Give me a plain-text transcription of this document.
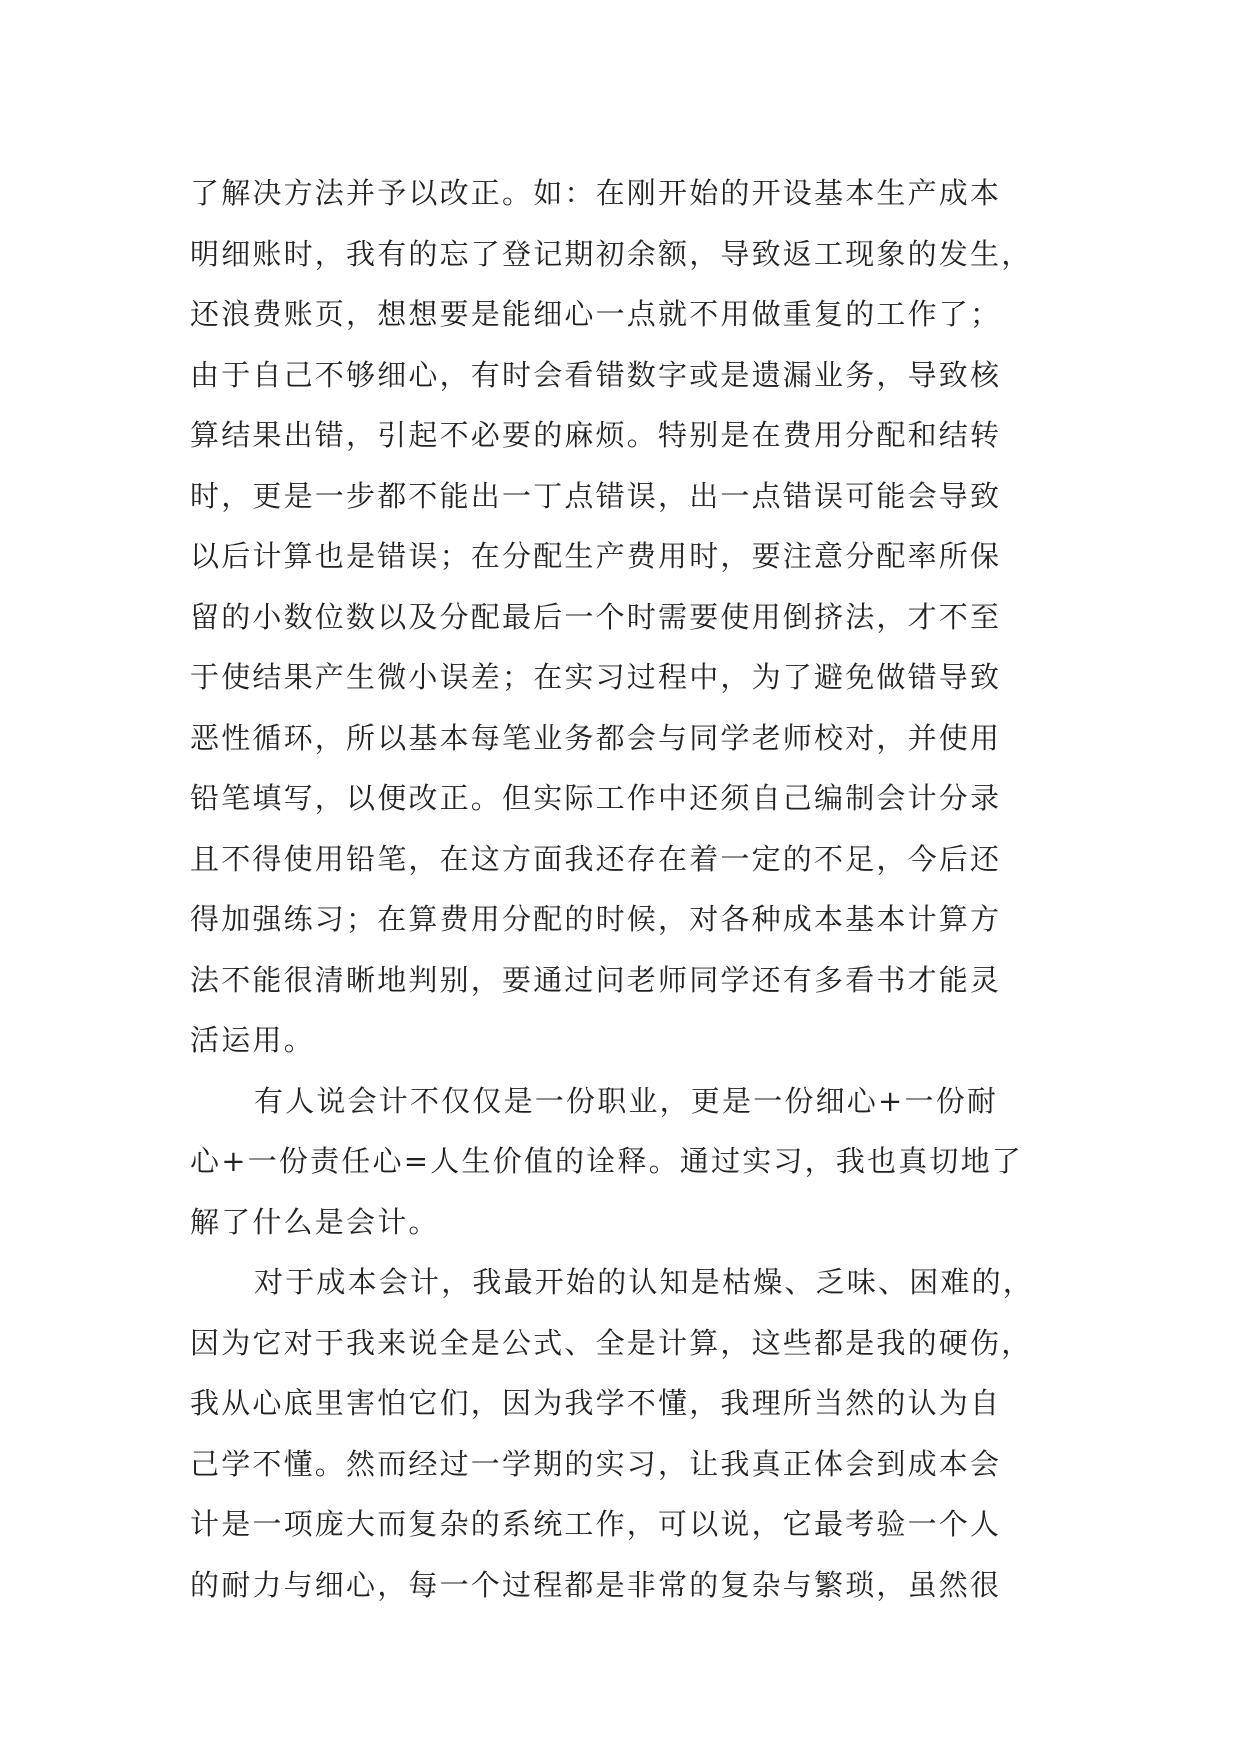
了解决方法并予以改正。如：在刚开始的开设基本生产成本
明细账时，我有的忘了登记期初余额，导致返工现象的发生，
还浪费账页，想想要是能细心一点就不用做重复的工作了；
由于自己不够细心，有时会看错数字或是遗漏业务，导致核
算结果出错，引起不必要的麻烦。特别是在费用分配和结转
时，更是一步都不能出一丁点错误，出一点错误可能会导致
以后计算也是错误；在分配生产费用时，要注意分配率所保
留的小数位数以及分配最后一个时需要使用倒挤法，才不至
于使结果产生微小误差；在实习过程中，为了避免做错导致
恶性循环，所以基本每笔业务都会与同学老师校对，并使用
铅笔填写，以便改正。但实际工作中还须自己编制会计分录
且不得使用铅笔，在这方面我还存在着一定的不足，今后还
得加强练习；在算费用分配的时候，对各种成本基本计算方
法不能很清晰地判别，要通过问老师同学还有多看书才能灵
活运用。
有人说会计不仅仅是一份职业，更是一份细心+一份耐
心+一份责任心=人生价值的诠释。通过实习，我也真切地了
解了什么是会计。
对于成本会计，我最开始的认知是枯燥、乏味、困难的，
因为它对于我来说全是公式、全是计算，这些都是我的硬伤，
我从心底里害怕它们，因为我学不懂，我理所当然的认为自
己学不懂。然而经过一学期的实习，让我真正体会到成本会
计是一项庞大而复杂的系统工作，可以说，它最考验一个人
的耐力与细心，每一个过程都是非常的复杂与繁琐，虽然很
